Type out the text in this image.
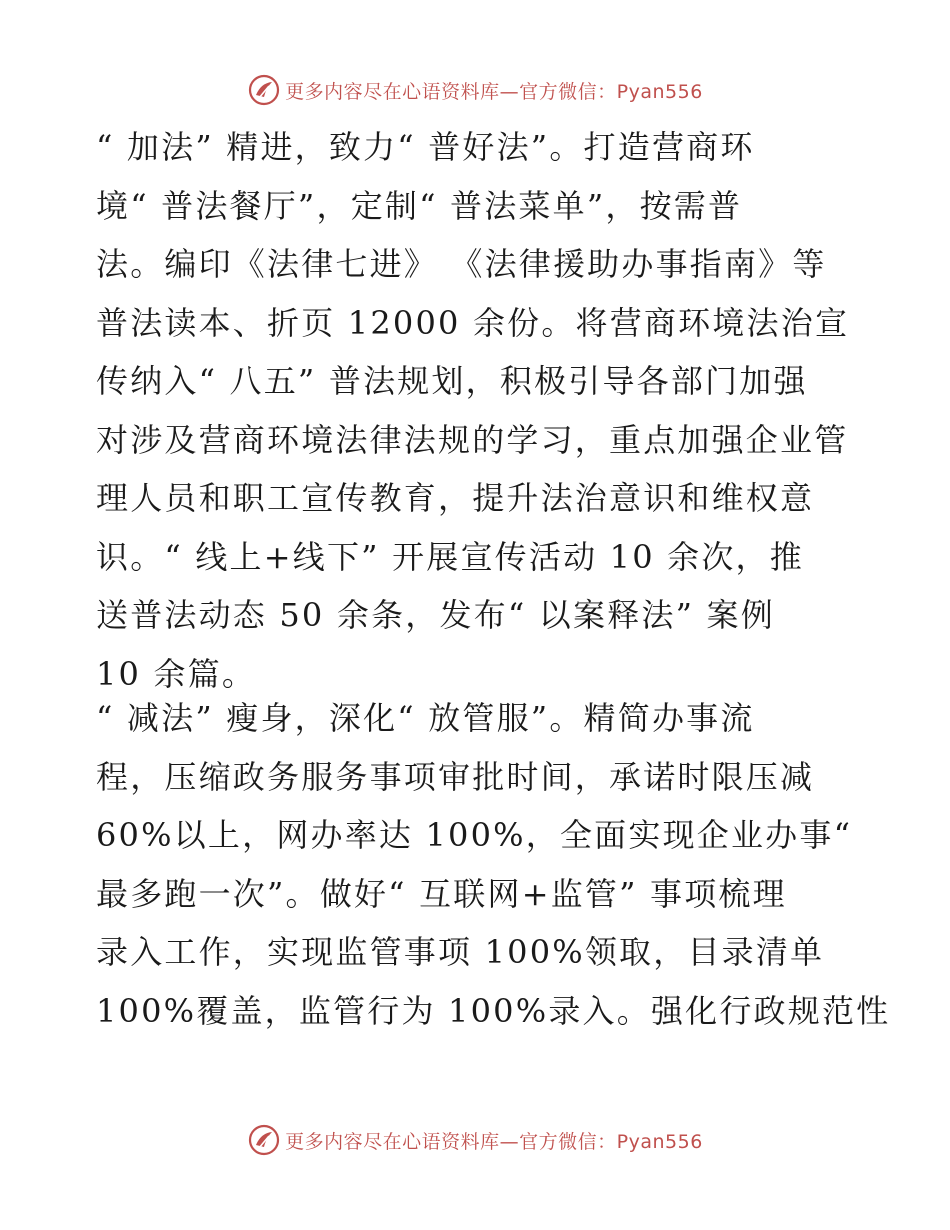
更多内容尽在心语资料库—官方微信：Pyan556
“ 加法” 精进，致力“ 普好法”。打造营商环
境“ 普法餐厅”，定制“ 普法菜单”，按需普
法。编印《法律七进》 《法律援助办事指南》等
普法读本、折页 12000 余份。将营商环境法治宣
传纳入“ 八五” 普法规划，积极引导各部门加强
对涉及营商环境法律法规的学习，重点加强企业管
理人员和职工宣传教育，提升法治意识和维权意
识。“ 线上+线下” 开展宣传活动 10 余次，推
送普法动态 50 余条，发布“ 以案释法” 案例
10 余篇。
“ 减法” 瘦身，深化“ 放管服”。精简办事流
程，压缩政务服务事项审批时间，承诺时限压减
60%以上，网办率达 100%，全面实现企业办事“
最多跑一次”。做好“ 互联网+监管” 事项梳理
录入工作，实现监管事项 100%领取，目录清单
100%覆盖，监管行为 100%录入。强化行政规范性
更多内容尽在心语资料库—官方微信：Pyan556
